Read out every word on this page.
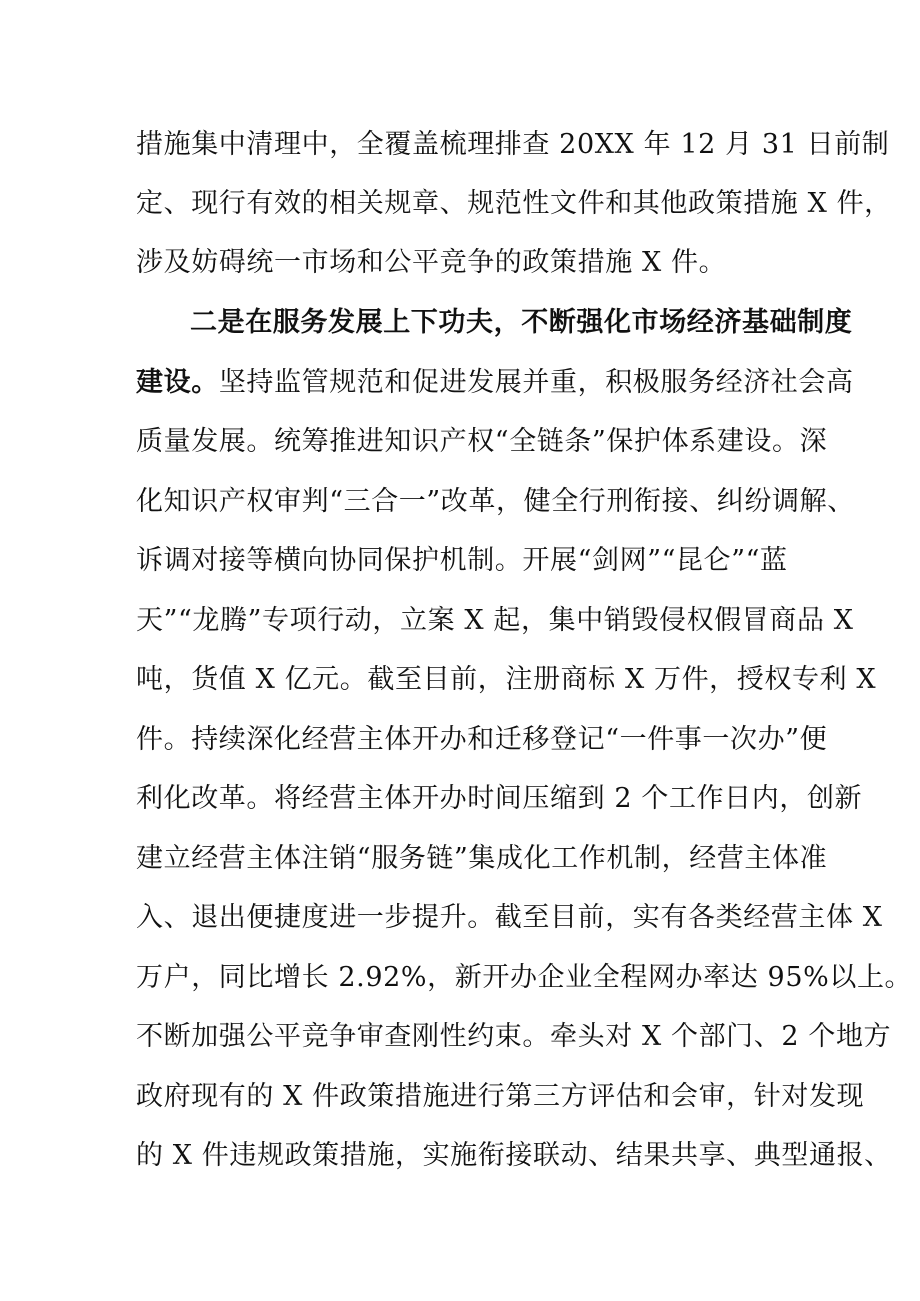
措施集中清理中，全覆盖梳理排查 20XX 年 12 月 31 日前制
定、现行有效的相关规章、规范性文件和其他政策措施 X 件，
涉及妨碍统一市场和公平竞争的政策措施 X 件。
二是在服务发展上下功夫，不断强化市场经济基础制度
建设。坚持监管规范和促进发展并重，积极服务经济社会高
质量发展。统筹推进知识产权“全链条”保护体系建设。深
化知识产权审判“三合一”改革，健全行刑衔接、纠纷调解、
诉调对接等横向协同保护机制。开展“剑网”“昆仑”“蓝
天”“龙腾”专项行动，立案 X 起，集中销毁侵权假冒商品 X
吨，货值 X 亿元。截至目前，注册商标 X 万件，授权专利 X
件。持续深化经营主体开办和迁移登记“一件事一次办”便
利化改革。将经营主体开办时间压缩到 2 个工作日内，创新
建立经营主体注销“服务链”集成化工作机制，经营主体准
入、退出便捷度进一步提升。截至目前，实有各类经营主体 X
万户，同比增长 2.92%，新开办企业全程网办率达 95%以上。
不断加强公平竞争审查刚性约束。牵头对 X 个部门、2 个地方
政府现有的 X 件政策措施进行第三方评估和会审，针对发现
的 X 件违规政策措施，实施衔接联动、结果共享、典型通报、
